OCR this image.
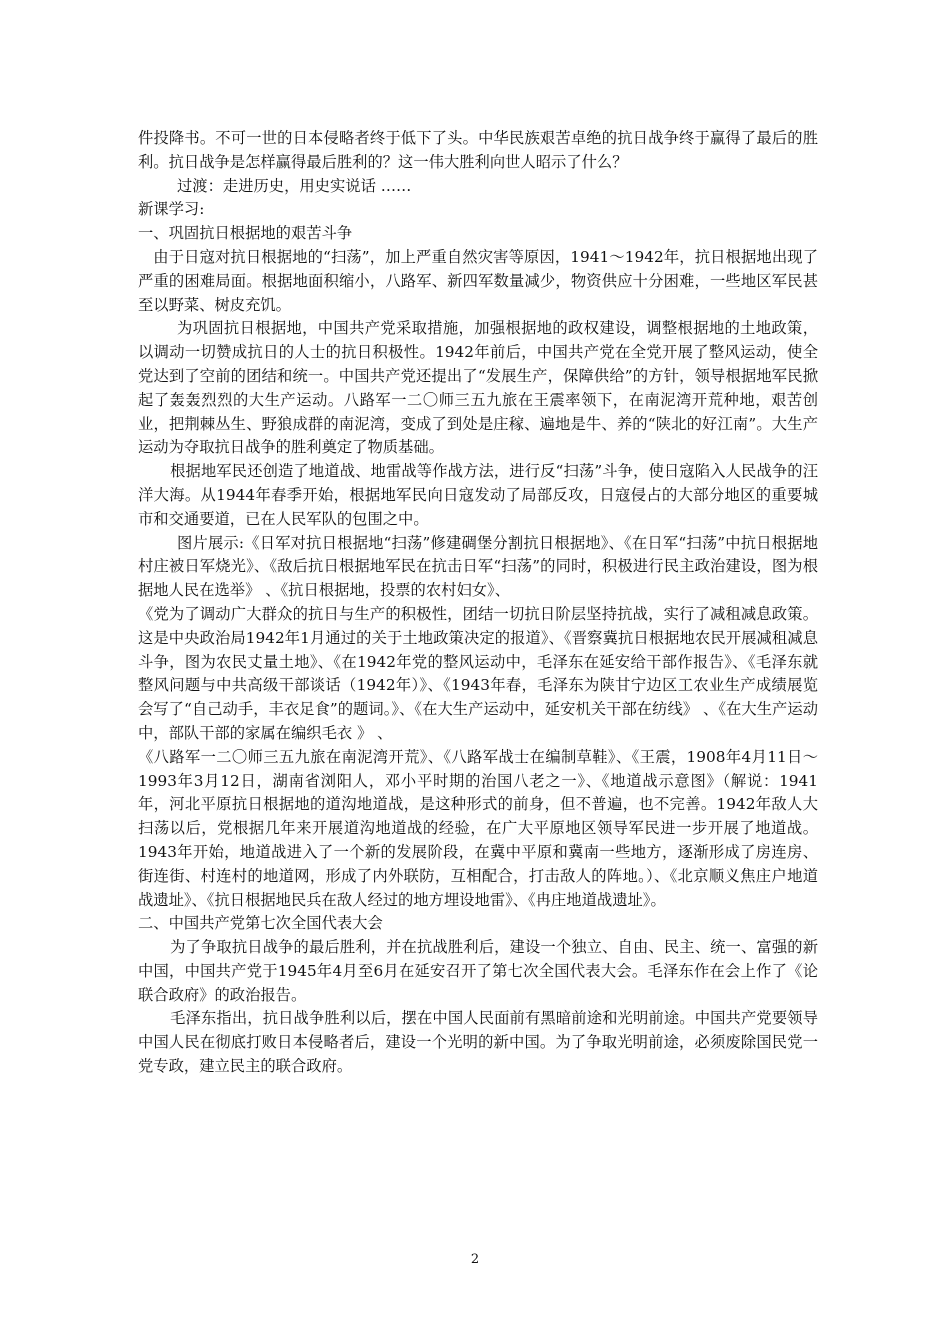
件投降书。不可一世的日本侵略者终于低下了头。中华民族艰苦卓绝的抗日战争终于赢得了最后的胜利。抗日战争是怎样赢得最后胜利的？这一伟大胜利向世人昭示了什么？

过渡：走进历史，用史实说话 ……

新课学习:

一、巩固抗日根据地的艰苦斗争

由于日寇对抗日根据地的“扫荡”，加上严重自然灾害等原因，1941～1942年，抗日根据地出现了严重的困难局面。根据地面积缩小，八路军、新四军数量减少，物资供应十分困难，一些地区军民甚至以野菜、树皮充饥。

为巩固抗日根据地，中国共产党采取措施，加强根据地的政权建设，调整根据地的土地政策，以调动一切赞成抗日的人士的抗日积极性。1942年前后，中国共产党在全党开展了整风运动，使全党达到了空前的团结和统一。中国共产党还提出了“发展生产，保障供给”的方针，领导根据地军民掀起了轰轰烈烈的大生产运动。八路军一二〇师三五九旅在王震率领下，在南泥湾开荒种地，艰苦创业，把荆棘丛生、野狼成群的南泥湾，变成了到处是庄稼、遍地是牛、养的“陕北的好江南”。大生产运动为夺取抗日战争的胜利奠定了物质基础。

根据地军民还创造了地道战、地雷战等作战方法，进行反“扫荡”斗争，使日寇陷入人民战争的汪洋大海。从1944年春季开始，根据地军民向日寇发动了局部反攻，日寇侵占的大部分地区的重要城市和交通要道，已在人民军队的包围之中。

图片展示:《日军对抗日根据地“扫荡”修建碉堡分割抗日根据地》、《在日军“扫荡”中抗日根据地村庄被日军烧光》、《敌后抗日根据地军民在抗击日军“扫荡”的同时，积极进行民主政治建设，图为根据地人民在选举》 、《抗日根据地，投票的农村妇女》、

《党为了调动广大群众的抗日与生产的积极性，团结一切抗日阶层坚持抗战，实行了减租减息政策。这是中央政治局1942年1月通过的关于土地政策决定的报道》、《晋察冀抗日根据地农民开展减租减息斗争，图为农民丈量土地》、《在1942年党的整风运动中，毛泽东在延安给干部作报告》、《毛泽东就整风问题与中共高级干部谈话（1942年）》、《1943年春，毛泽东为陕甘宁边区工农业生产成绩展览会写了“自己动手，丰衣足食”的题词。》、《在大生产运动中，延安机关干部在纺线》 、《在大生产运动中，部队干部的家属在编织毛衣 》 、

《八路军一二〇师三五九旅在南泥湾开荒》、《八路军战士在编制草鞋》、《王震，1908年4月11日～1993年3月12日，湖南省浏阳人，邓小平时期的治国八老之一》、《地道战示意图》（解说：1941年，河北平原抗日根据地的道沟地道战，是这种形式的前身，但不普遍，也不完善。1942年敌人大扫荡以后，党根据几年来开展道沟地道战的经验，在广大平原地区领导军民进一步开展了地道战。1943年开始，地道战进入了一个新的发展阶段，在冀中平原和冀南一些地方，逐渐形成了房连房、街连街、村连村的地道网，形成了内外联防，互相配合，打击敌人的阵地。）、《北京顺义焦庄户地道战遗址》、《抗日根据地民兵在敌人经过的地方埋设地雷》、《冉庄地道战遗址》。

二、中国共产党第七次全国代表大会

为了争取抗日战争的最后胜利，并在抗战胜利后，建设一个独立、自由、民主、统一、富强的新中国，中国共产党于1945年4月至6月在延安召开了第七次全国代表大会。毛泽东作在会上作了《论联合政府》的政治报告。

毛泽东指出，抗日战争胜利以后，摆在中国人民面前有黑暗前途和光明前途。中国共产党要领导中国人民在彻底打败日本侵略者后，建设一个光明的新中国。为了争取光明前途，必须废除国民党一党专政，建立民主的联合政府。

2
